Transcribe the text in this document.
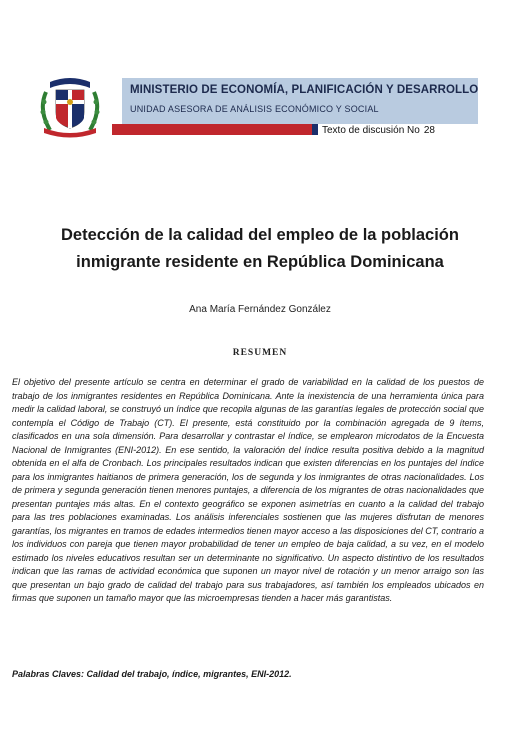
MINISTERIO DE ECONOMÍA, PLANIFICACIÓN Y DESARROLLO
UNIDAD ASESORA DE ANÁLISIS ECONÓMICO Y SOCIAL
Texto de discusión No 28
Detección de la calidad del empleo de la población inmigrante residente en República Dominicana
Ana María Fernández González
RESUMEN

El objetivo del presente artículo se centra en determinar el grado de variabilidad en la calidad de los puestos de trabajo de los inmigrantes residentes en República Dominicana. Ante la inexistencia de una herramienta única para medir la calidad laboral, se construyó un índice que recopila algunas de las garantías legales de protección social que contempla el Código de Trabajo (CT). El presente, está constituido por la combinación agregada de 9 ítems, clasificados en una sola dimensión. Para desarrollar y contrastar el índice, se emplearon microdatos de la Encuesta Nacional de Inmigrantes (ENI-2012). En ese sentido, la valoración del índice resulta positiva debido a la magnitud obtenida en el alfa de Cronbach. Los principales resultados indican que existen diferencias en los puntajes del índice para los inmigrantes haitianos de primera generación, los de segunda y los inmigrantes de otras nacionalidades. Los de primera y segunda generación tienen menores puntajes, a diferencia de los migrantes de otras nacionalidades que presentan puntajes más altas. En el contexto geográfico se exponen asimetrías en cuanto a la calidad del trabajo para las tres poblaciones examinadas. Los análisis inferenciales sostienen que las mujeres disfrutan de menores garantías, los migrantes en tramos de edades intermedios tienen mayor acceso a las disposiciones del CT, contrario a los individuos con pareja que tienen mayor probabilidad de tener un empleo de baja calidad, a su vez, en el modelo estimado los niveles educativos resultan ser un determinante no significativo. Un aspecto distintivo de los resultados indican que las ramas de actividad económica que suponen un mayor nivel de rotación y un menor arraigo son las que presentan un bajo grado de calidad del trabajo para sus trabajadores, así también los empleados ubicados en firmas que suponen un tamaño mayor que las microempresas tienden a hacer más garantistas.

Palabras Claves: Calidad del trabajo, índice, migrantes, ENI-2012.
